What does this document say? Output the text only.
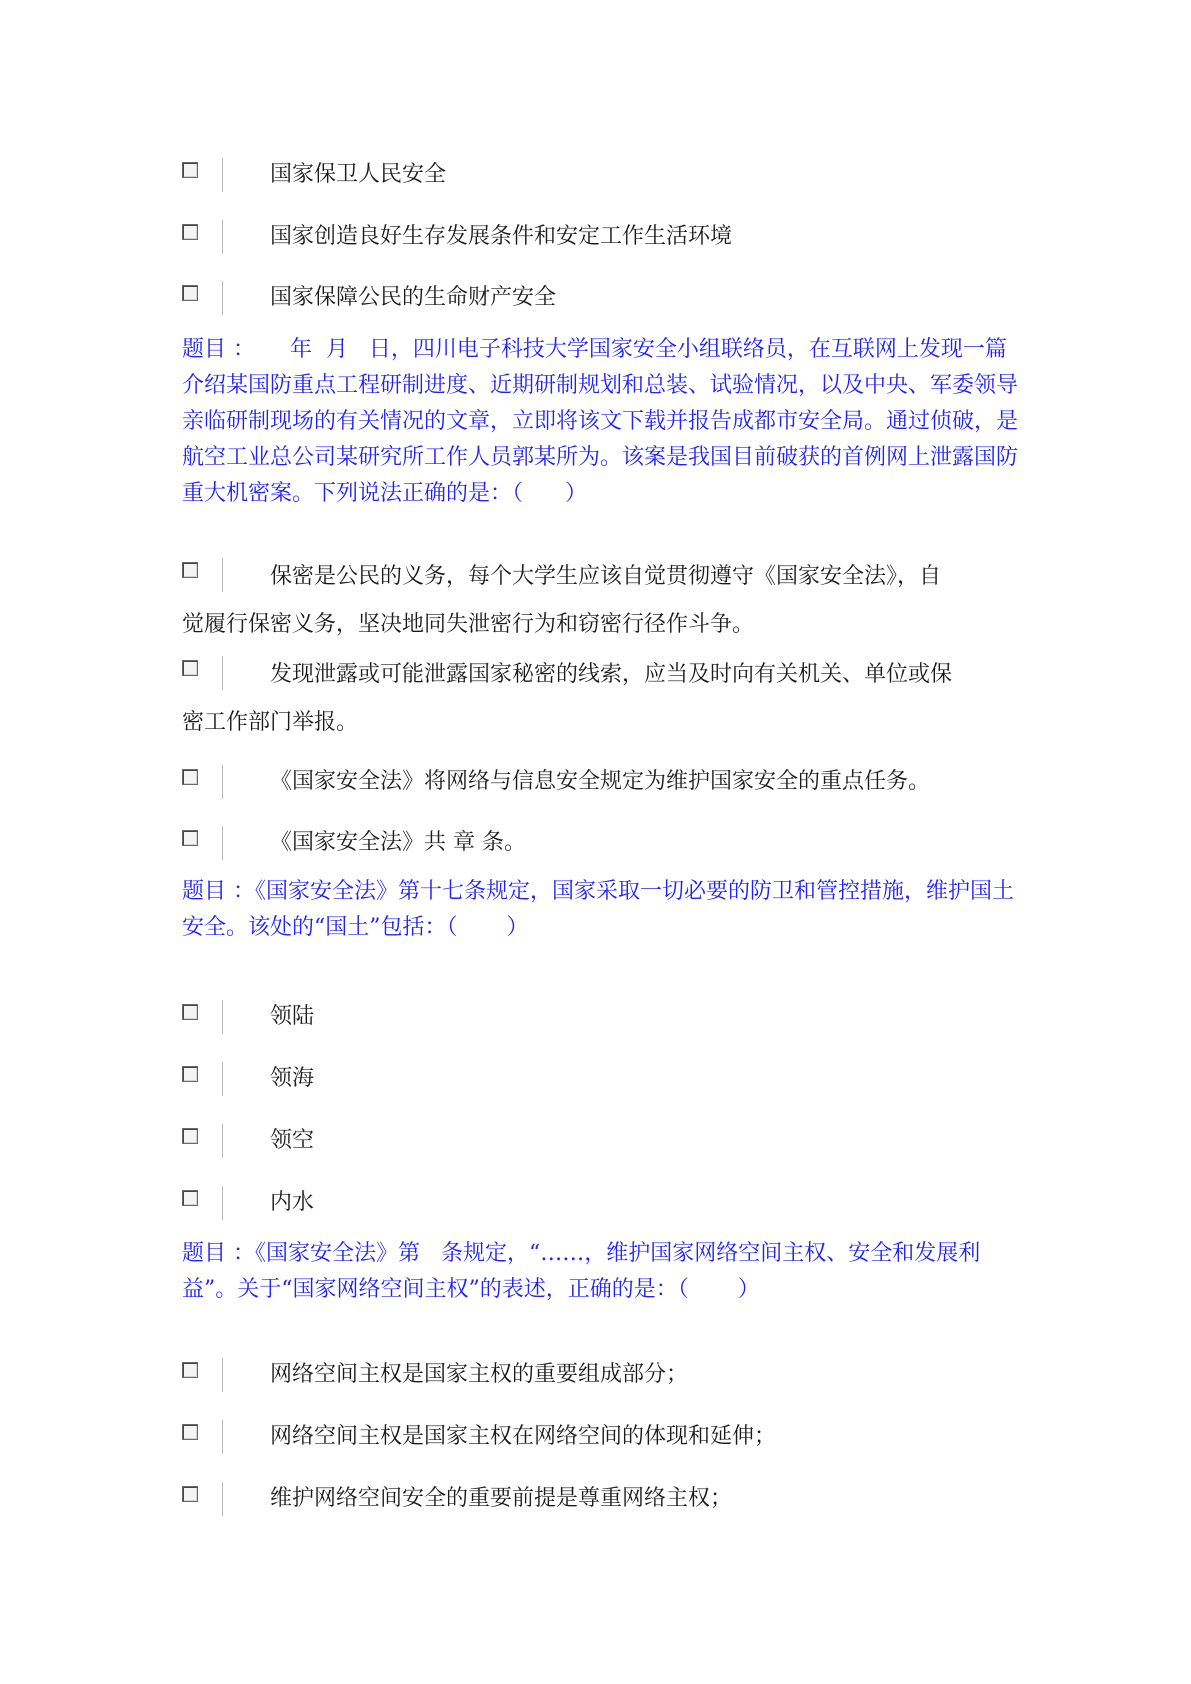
国家保卫人民安全
国家创造良好生存发展条件和安定工作生活环境
国家保障公民的生命财产安全
题目 ：     年  月   日，四川电子科技大学国家安全小组联络员，在互联网上发现一篇介绍某国防重点工程研制进度、近期研制规划和总装、试验情况，以及中央、军委领导亲临研制现场的有关情况的文章，立即将该文下载并报告成都市安全局。通过侦破，是航空工业总公司某研究所工作人员郭某所为。该案是我国目前破获的首例网上泄露国防重大机密案。下列说法正确的是：（      ）
保密是公民的义务，每个大学生应该自觉贯彻遵守《国家安全法》，自
觉履行保密义务，坚决地同失泄密行为和窃密行径作斗争。
发现泄露或可能泄露国家秘密的线索，应当及时向有关机关、单位或保
密工作部门举报。
《国家安全法》将网络与信息安全规定为维护国家安全的重点任务。
《国家安全法》共 章 条。
题目 ：《国家安全法》第十七条规定，国家采取一切必要的防卫和管控措施，维护国土安全。该处的“国土”包括：（       ）
领陆
领海
领空
内水
题目 ：《国家安全法》第   条规定，“……，维护国家网络空间主权、安全和发展利益”。关于“国家网络空间主权”的表述，正确的是：（       ）
网络空间主权是国家主权的重要组成部分；
网络空间主权是国家主权在网络空间的体现和延伸；
维护网络空间安全的重要前提是尊重网络主权；
